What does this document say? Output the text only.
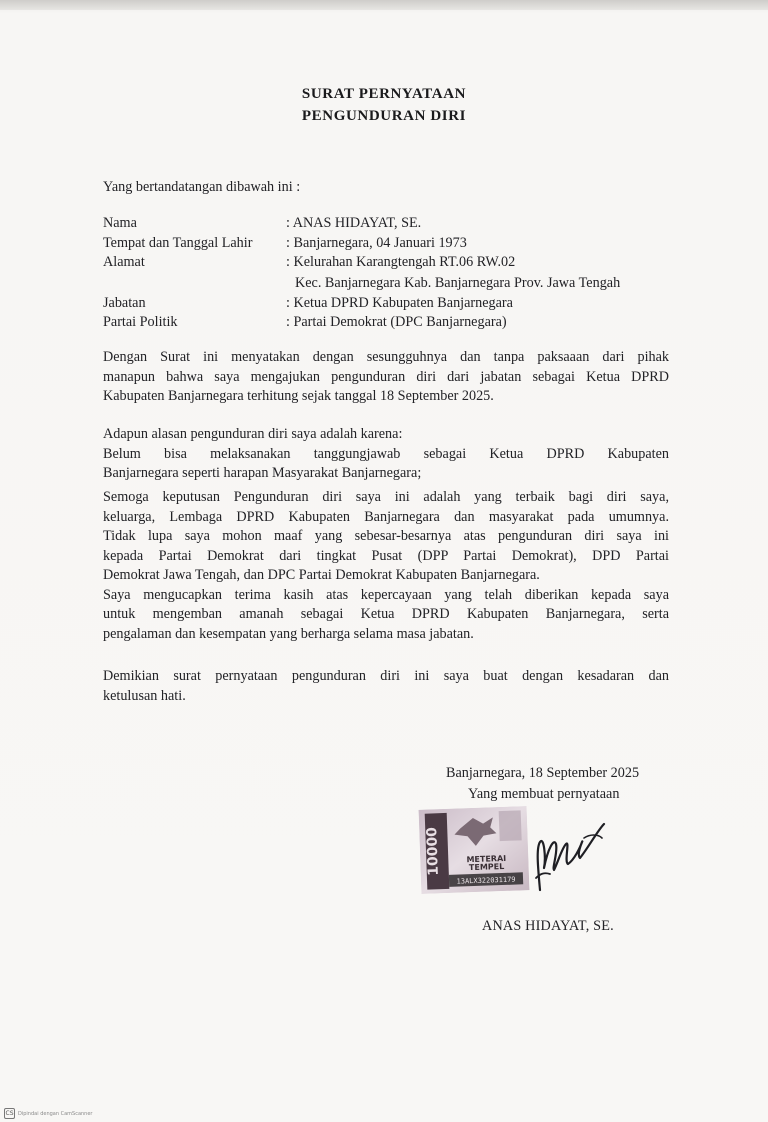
SURAT PERNYATAAN
PENGUNDURAN DIRI
Yang bertandatangan dibawah ini :
Nama	: ANAS HIDAYAT, SE.
Tempat dan Tanggal Lahir : Banjarnegara, 04 Januari 1973
Alamat	: Kelurahan Karangtengah RT.06 RW.02
Kec. Banjarnegara Kab. Banjarnegara Prov. Jawa Tengah
Jabatan	: Ketua DPRD Kabupaten Banjarnegara
Partai Politik	: Partai Demokrat (DPC Banjarnegara)
Dengan Surat ini menyatakan dengan sesungguhnya dan tanpa paksaaan dari pihak
manapun bahwa saya mengajukan pengunduran diri dari jabatan sebagai Ketua DPRD
Kabupaten Banjarnegara terhitung sejak tanggal 18 September 2025.
Adapun alasan pengunduran diri saya adalah karena:
Belum bisa melaksanakan tanggungjawab sebagai Ketua DPRD Kabupaten
Banjarnegara seperti harapan Masyarakat Banjarnegara;
Semoga keputusan Pengunduran diri saya ini adalah yang terbaik bagi diri saya,
keluarga, Lembaga DPRD Kabupaten Banjarnegara dan masyarakat pada umumnya.
Tidak lupa saya mohon maaf yang sebesar-besarnya atas pengunduran diri saya ini
kepada Partai Demokrat dari tingkat Pusat (DPP Partai Demokrat), DPD Partai
Demokrat Jawa Tengah, dan DPC Partai Demokrat Kabupaten Banjarnegara.
Saya mengucapkan terima kasih atas kepercayaan yang telah diberikan kepada saya
untuk mengemban amanah sebagai Ketua DPRD Kabupaten Banjarnegara, serta
pengalaman dan kesempatan yang berharga selama masa jabatan.
Demikian surat pernyataan pengunduran diri ini saya buat dengan kesadaran dan
ketulusan hati.
Banjarnegara, 18 September 2025
Yang membuat pernyataan
10000	METERAI
TEMPEL
13ALX322031179
ANAS HIDAYAT, SE.
CS Dipindai dengan CamScanner
